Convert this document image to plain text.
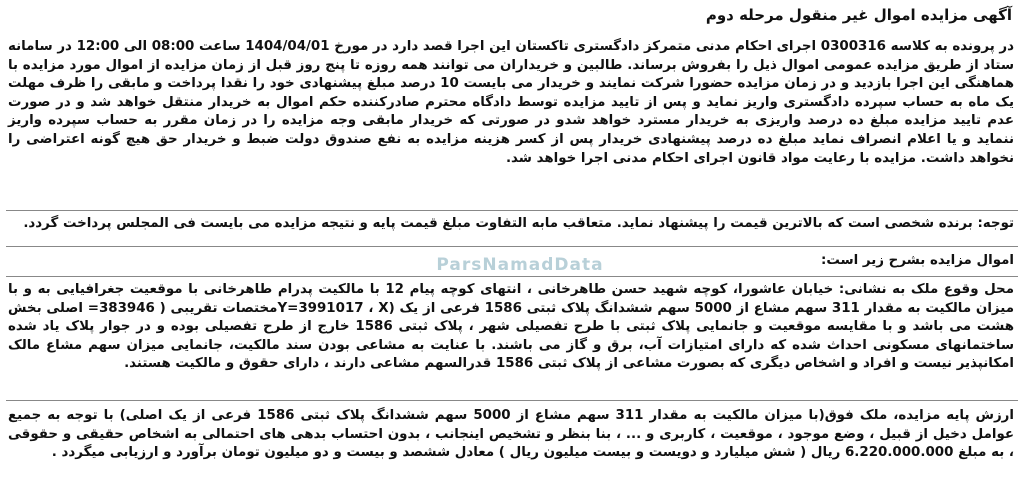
ParsNamadData
آگهی مزایده اموال غیر منقول مرحله دوم
در پرونده به کلاسه 0300316 اجرای احکام مدنی متمرکز دادگستری تاکستان این اجرا قصد دارد در مورخ 1404/04/01 ساعت 08:00 الی 12:00 در سامانه ستاد از طریق مزایده عمومی اموال ذیل را بفروش برساند. طالبین و خریداران می توانند همه روزه تا پنج روز قبل از زمان مزایده از اموال مورد مزایده با هماهنگی این اجرا بازدید و در زمان مزایده حضورا شرکت نمایند و خریدار می بایست 10 درصد مبلغ پیشنهادی خود را نقدا پرداخت و مابقی را ظرف مهلت یک ماه به حساب سپرده دادگستری واریز نماید و پس از تایید مزایده توسط دادگاه محترم صادرکننده حکم اموال به خریدار منتقل خواهد شد و در صورت عدم تایید مزایده مبلغ ده درصد واریزی به خریدار مسترد خواهد شدو در صورتی که خریدار مابقی وجه مزایده را در زمان مقرر به حساب سپرده واریز ننماید و یا اعلام انصراف نماید مبلغ ده درصد پیشنهادی خریدار پس از کسر هزینه مزایده به نفع صندوق دولت ضبط و خریدار حق هیچ گونه اعتراضی را نخواهد داشت. مزایده با رعایت مواد قانون اجرای احکام مدنی اجرا خواهد شد.
توجه: برنده شخصی است که بالاترین قیمت را پیشنهاد نماید. متعاقب مابه التفاوت مبلغ قیمت پایه و نتیجه مزایده می بایست فی المجلس پرداخت گردد.
اموال مزایده بشرح زیر است:
محل وقوع ملک به نشانی: خیابان عاشورا، کوچه شهید حسن طاهرخانی ، انتهای کوچه پیام 12 با مالکیت پدرام طاهرخانی با موقعیت جغرافیایی به و با میزان مالکیت به مقدار 311 سهم مشاع از 5000 سهم ششدانگ پلاک ثبتی 1586 فرعی از یک (Y=3991017 ، Xمختصات تقریبی ( 383946= اصلی بخش هشت می باشد و با مقایسه موقعیت و جانمایی پلاک ثبتی با طرح تفصیلی شهر ، پلاک ثبتی 1586 خارج از طرح تفصیلی بوده و در جوار پلاک یاد شده ساختمانهای مسکونی احداث شده که دارای امتیازات آب، برق و گاز می باشند. با عنایت به مشاعی بودن سند مالکیت، جانمایی میزان سهم مشاع مالک امکانپذیر نیست و افراد و اشخاص دیگری که بصورت مشاعی از پلاک ثبتی 1586 قدرالسهم مشاعی دارند ، دارای حقوق و مالکیت هستند.
ارزش پایه مزایده، ملک فوق(با میزان مالکیت به مقدار 311 سهم مشاع از 5000 سهم ششدانگ پلاک ثبتی 1586 فرعی از یک اصلی) با توجه به جمیع عوامل دخیل از قبیل ، وضع موجود ، موقعیت ، کاربری و ... ، بنا بنظر و تشخیص اینجانب ، بدون احتساب بدهی های احتمالی به اشخاص حقیقی و حقوقی ، به مبلغ 6.220.000.000 ریال ( شش میلیارد و دویست و بیست میلیون ریال ) معادل ششصد و بیست و دو میلیون تومان برآورد و ارزیابی میگردد .
